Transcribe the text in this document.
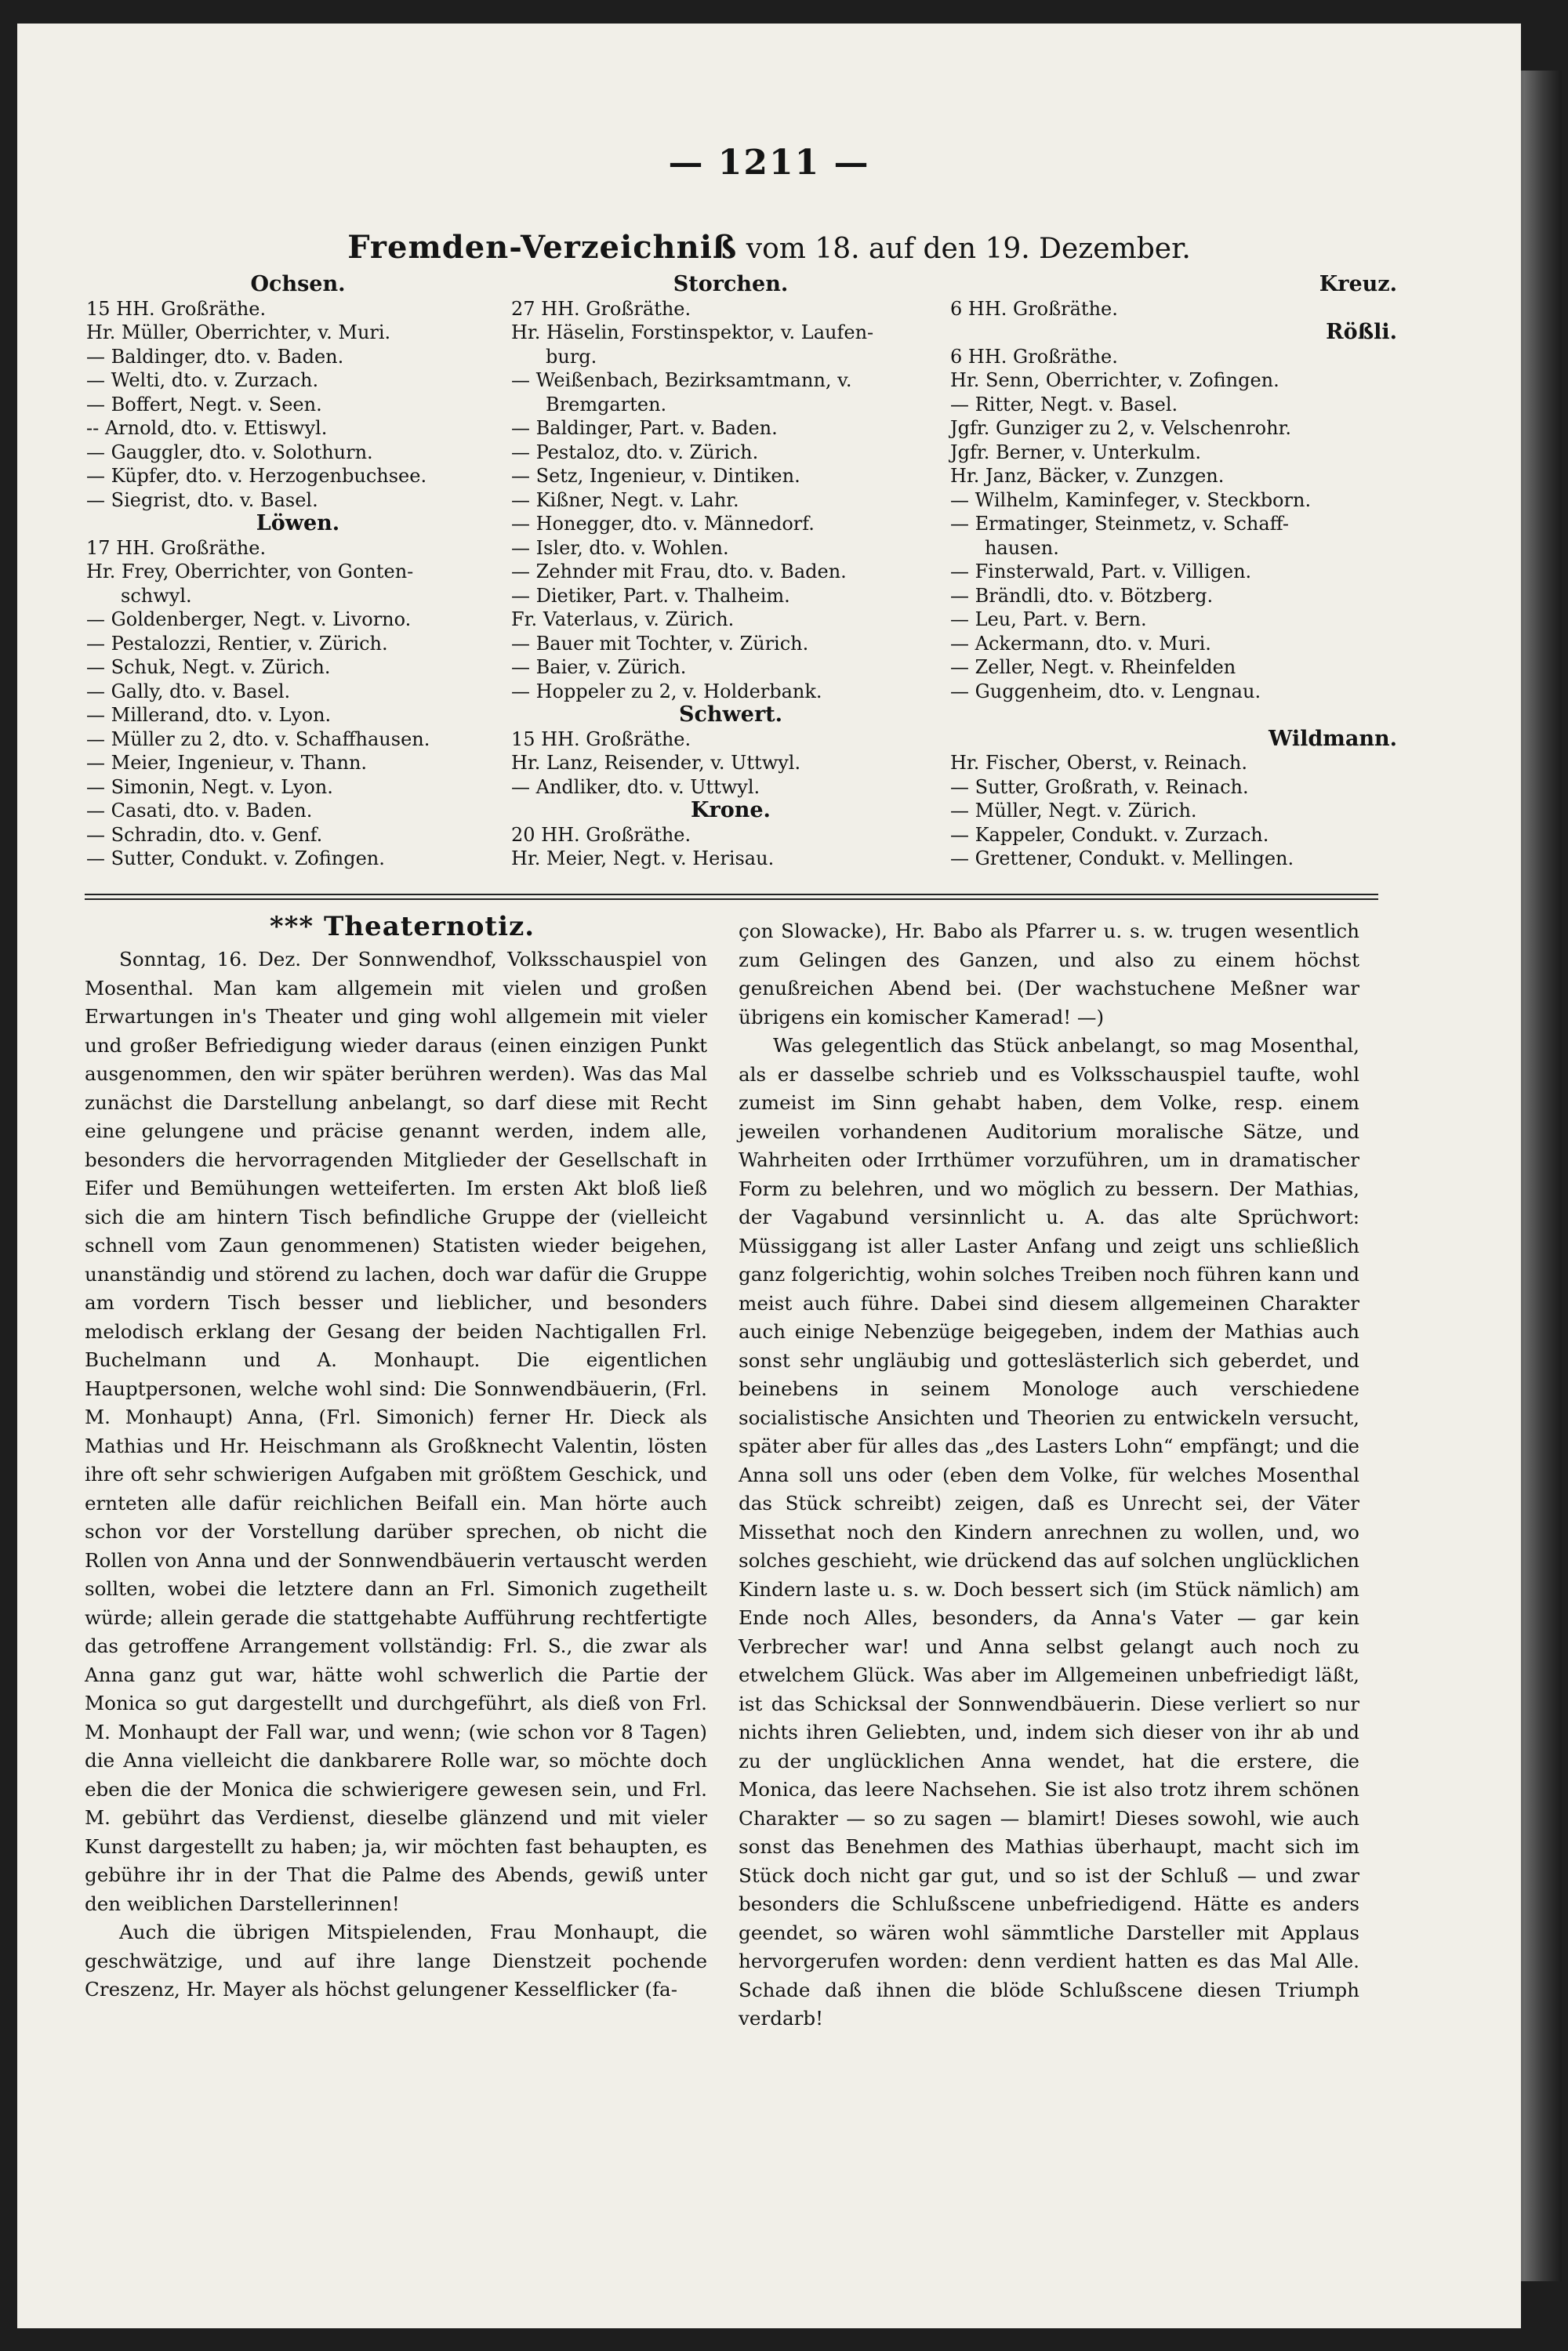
— 1211 —
Fremden-Verzeichniß vom 18. auf den 19. Dezember.
Ochsen.
15 HH. Großräthe.
Hr. Müller, Oberrichter, v. Muri.
— Baldinger, dto. v. Baden.
— Welti, dto. v. Zurzach.
— Boffert, Negt. v. Seen.
-- Arnold, dto. v. Ettiswyl.
— Gauggler, dto. v. Solothurn.
— Küpfer, dto. v. Herzogenbuchsee.
— Siegrist, dto. v. Basel.
Löwen.
17 HH. Großräthe.
Hr. Frey, Oberrichter, von Gonten-
schwyl.
— Goldenberger, Negt. v. Livorno.
— Pestalozzi, Rentier, v. Zürich.
— Schuk, Negt. v. Zürich.
— Gally, dto. v. Basel.
— Millerand, dto. v. Lyon.
— Müller zu 2, dto. v. Schaffhausen.
— Meier, Ingenieur, v. Thann.
— Simonin, Negt. v. Lyon.
— Casati, dto. v. Baden.
— Schradin, dto. v. Genf.
— Sutter, Condukt. v. Zofingen.
Storchen.
27 HH. Großräthe.
Hr. Häselin, Forstinspektor, v. Laufen-
burg.
— Weißenbach, Bezirksamtmann, v.
Bremgarten.
— Baldinger, Part. v. Baden.
— Pestaloz, dto. v. Zürich.
— Setz, Ingenieur, v. Dintiken.
— Kißner, Negt. v. Lahr.
— Honegger, dto. v. Männedorf.
— Isler, dto. v. Wohlen.
— Zehnder mit Frau, dto. v. Baden.
— Dietiker, Part. v. Thalheim.
Fr. Vaterlaus, v. Zürich.
— Bauer mit Tochter, v. Zürich.
— Baier, v. Zürich.
— Hoppeler zu 2, v. Holderbank.
Schwert.
15 HH. Großräthe.
Hr. Lanz, Reisender, v. Uttwyl.
— Andliker, dto. v. Uttwyl.
Krone.
20 HH. Großräthe.
Hr. Meier, Negt. v. Herisau.
Kreuz.
6 HH. Großräthe.
Rößli.
6 HH. Großräthe.
Hr. Senn, Oberrichter, v. Zofingen.
— Ritter, Negt. v. Basel.
Jgfr. Gunziger zu 2, v. Velschenrohr.
Jgfr. Berner, v. Unterkulm.
Hr. Janz, Bäcker, v. Zunzgen.
— Wilhelm, Kaminfeger, v. Steckborn.
— Ermatinger, Steinmetz, v. Schaff-
hausen.
— Finsterwald, Part. v. Villigen.
— Brändli, dto. v. Bötzberg.
— Leu, Part. v. Bern.
— Ackermann, dto. v. Muri.
— Zeller, Negt. v. Rheinfelden
— Guggenheim, dto. v. Lengnau.
Wildmann.
Hr. Fischer, Oberst, v. Reinach.
— Sutter, Großrath, v. Reinach.
— Müller, Negt. v. Zürich.
— Kappeler, Condukt. v. Zurzach.
— Grettener, Condukt. v. Mellingen.
*** Theaternotiz.

Sonntag, 16. Dez. Der Sonnwendhof, Volksschauspiel von Mosenthal. Man kam allgemein mit vielen und großen Erwartungen in's Theater und ging wohl allgemein mit vieler und großer Befriedigung wieder daraus (einen einzigen Punkt ausgenommen, den wir später berühren werden). Was das Mal zunächst die Darstellung anbelangt, so darf diese mit Recht eine gelungene und präcise genannt werden, indem alle, besonders die hervorragenden Mitglieder der Gesellschaft in Eifer und Bemühungen wetteiferten. Im ersten Akt bloß ließ sich die am hintern Tisch befindliche Gruppe der (vielleicht schnell vom Zaun genommenen) Statisten wieder beigehen, unanständig und störend zu lachen, doch war dafür die Gruppe am vordern Tisch besser und lieblicher, und besonders melodisch erklang der Gesang der beiden Nachtigallen Frl. Buchelmann und A. Monhaupt. Die eigentlichen Hauptpersonen, welche wohl sind: Die Sonnwendbäuerin, (Frl. M. Monhaupt) Anna, (Frl. Simonich) ferner Hr. Dieck als Mathias und Hr. Heischmann als Großknecht Valentin, lösten ihre oft sehr schwierigen Aufgaben mit größtem Geschick, und ernteten alle dafür reichlichen Beifall ein. Man hörte auch schon vor der Vorstellung darüber sprechen, ob nicht die Rollen von Anna und der Sonnwendbäuerin vertauscht werden sollten, wobei die letztere dann an Frl. Simonich zugetheilt würde; allein gerade die stattgehabte Aufführung rechtfertigte das getroffene Arrangement vollständig: Frl. S., die zwar als Anna ganz gut war, hätte wohl schwerlich die Partie der Monica so gut dargestellt und durchgeführt, als dieß von Frl. M. Monhaupt der Fall war, und wenn; (wie schon vor 8 Tagen) die Anna vielleicht die dankbarere Rolle war, so möchte doch eben die der Monica die schwierigere gewesen sein, und Frl. M. gebührt das Verdienst, dieselbe glänzend und mit vieler Kunst dargestellt zu haben; ja, wir möchten fast behaupten, es gebühre ihr in der That die Palme des Abends, gewiß unter den weiblichen Darstellerinnen!

Auch die übrigen Mitspielenden, Frau Monhaupt, die geschwätzige, und auf ihre lange Dienstzeit pochende Creszenz, Hr. Mayer als höchst gelungener Kesselflicker (fa-

çon Slowacke), Hr. Babo als Pfarrer u. s. w. trugen wesentlich zum Gelingen des Ganzen, und also zu einem höchst genußreichen Abend bei. (Der wachstuchene Meßner war übrigens ein komischer Kamerad! —)

Was gelegentlich das Stück anbelangt, so mag Mosenthal, als er dasselbe schrieb und es Volksschauspiel taufte, wohl zumeist im Sinn gehabt haben, dem Volke, resp. einem jeweilen vorhandenen Auditorium moralische Sätze, und Wahrheiten oder Irrthümer vorzuführen, um in dramatischer Form zu belehren, und wo möglich zu bessern. Der Mathias, der Vagabund versinnlicht u. A. das alte Sprüchwort: Müssiggang ist aller Laster Anfang und zeigt uns schließlich ganz folgerichtig, wohin solches Treiben noch führen kann und meist auch führe. Dabei sind diesem allgemeinen Charakter auch einige Nebenzüge beigegeben, indem der Mathias auch sonst sehr ungläubig und gotteslästerlich sich geberdet, und beinebens in seinem Monologe auch verschiedene socialistische Ansichten und Theorien zu entwickeln versucht, später aber für alles das „des Lasters Lohn“ empfängt; und die Anna soll uns oder (eben dem Volke, für welches Mosenthal das Stück schreibt) zeigen, daß es Unrecht sei, der Väter Missethat noch den Kindern anrechnen zu wollen, und, wo solches geschieht, wie drückend das auf solchen unglücklichen Kindern laste u. s. w. Doch bessert sich (im Stück nämlich) am Ende noch Alles, besonders, da Anna's Vater — gar kein Verbrecher war! und Anna selbst gelangt auch noch zu etwelchem Glück. Was aber im Allgemeinen unbefriedigt läßt, ist das Schicksal der Sonnwendbäuerin. Diese verliert so nur nichts ihren Geliebten, und, indem sich dieser von ihr ab und zu der unglücklichen Anna wendet, hat die erstere, die Monica, das leere Nachsehen. Sie ist also trotz ihrem schönen Charakter — so zu sagen — blamirt! Dieses sowohl, wie auch sonst das Benehmen des Mathias überhaupt, macht sich im Stück doch nicht gar gut, und so ist der Schluß — und zwar besonders die Schlußscene unbefriedigend. Hätte es anders geendet, so wären wohl sämmtliche Darsteller mit Applaus hervorgerufen worden: denn verdient hatten es das Mal Alle. Schade daß ihnen die blöde Schlußscene diesen Triumph verdarb!
